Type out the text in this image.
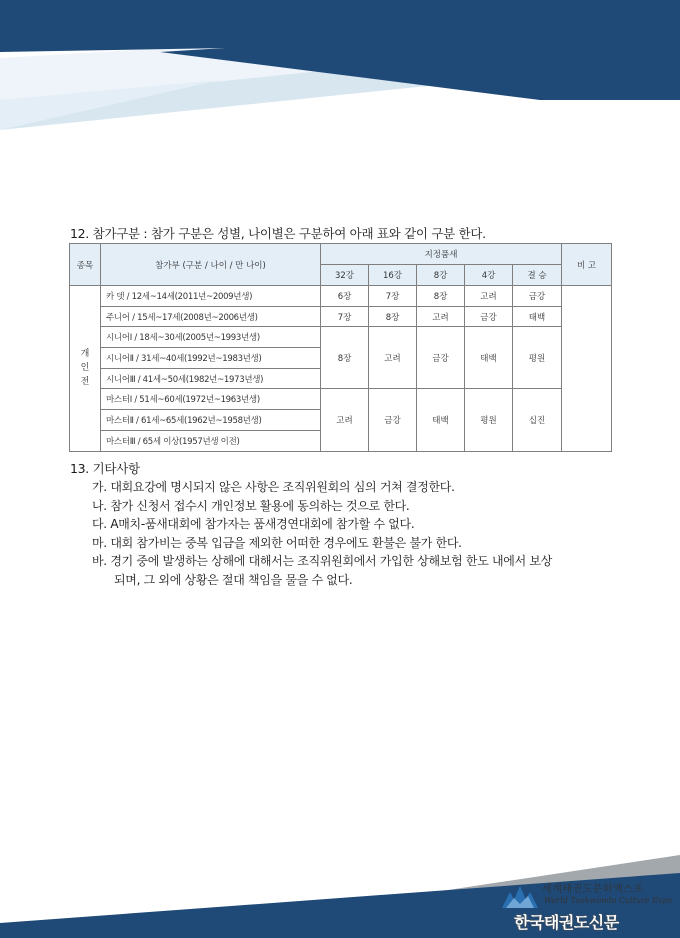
12. 참가구분 : 참가 구분은 성별, 나이별은 구분하여 아래 표와 같이 구분 한다.
종목	참가부 (구분 / 나이 / 만 나이)	지정품새					비 고
		32강	16강	8강	4강	결 승	

개
인
전	카 뎃 / 12세~14세(2011년~2009년생)	6장	7장	8장	고려	금강	
	주니어 / 15세~17세(2008년~2006년생)	7장	8장	고려	금강	태백	
	시니어Ⅰ / 18세~30세(2005년~1993년생)	8장	고려	금강	태백	평원	
	시니어Ⅱ / 31세~40세(1992년~1983년생)						
	시니어Ⅲ / 41세~50세(1982년~1973년생)						
	마스터Ⅰ / 51세~60세(1972년~1963년생)	고려	금강	태백	평원	십진	
	마스터Ⅱ / 61세~65세(1962년~1958년생)						
	마스터Ⅲ / 65세 이상(1957년생 이전)						
13. 기타사항
가. 대회요강에 명시되지 않은 사항은 조직위원회의 심의 거쳐 결정한다.
나. 참가 신청서 접수시 개인정보 활용에 동의하는 것으로 한다.
다. A매치-품새대회에 참가자는 품새경연대회에 참가할 수 없다.
마. 대회 참가비는 중복 입금을 제외한 어떠한 경우에도 환불은 불가 한다.
바. 경기 중에 발생하는 상해에 대해서는 조직위원회에서 가입한 상해보험 한도 내에서 보상
되며, 그 외에 상황은 절대 책임을 물을 수 없다.
세계태권도문화엑스포
World Taekwondo Culture Expo
한국태권도신문
